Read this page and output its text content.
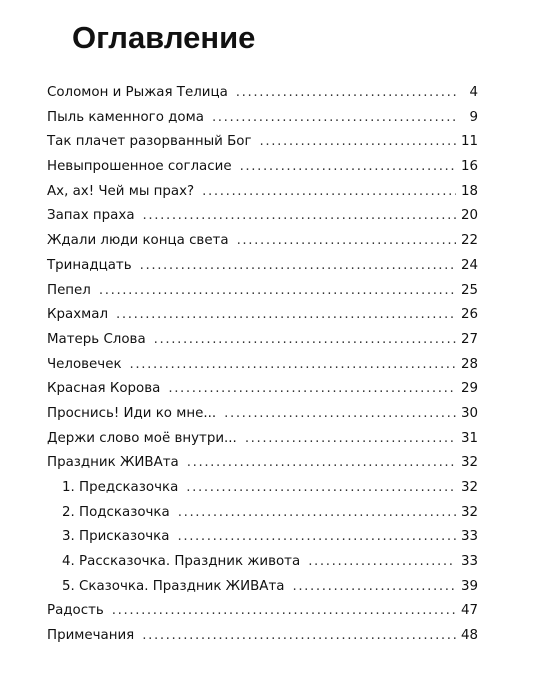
Оглавление
Соломон и Рыжая Телица .....	4
Пыль каменного дома .....	9
Так плачет разорванный Бог .....	11
Невыпрошенное согласие .....	16
Ах, ах! Чей мы прах? .....	18
Запах праха .....	20
Ждали люди конца света .....	22
Тринадцать .....	24
Пепел .....	25
Крахмал .....	26
Матерь Слова .....	27
Человечек .....	28
Красная Корова .....	29
Проснись! Иди ко мне... .....	30
Держи слово моё внутри... .....	31
Праздник ЖИВАта .....	32
1. Предсказочка .....	32
2. Подсказочка .....	32
3. Присказочка .....	33
4. Рассказочка. Праздник живота .....	33
5. Сказочка. Праздник ЖИВАта .....	39
Радость .....	47
Примечания .....	48
